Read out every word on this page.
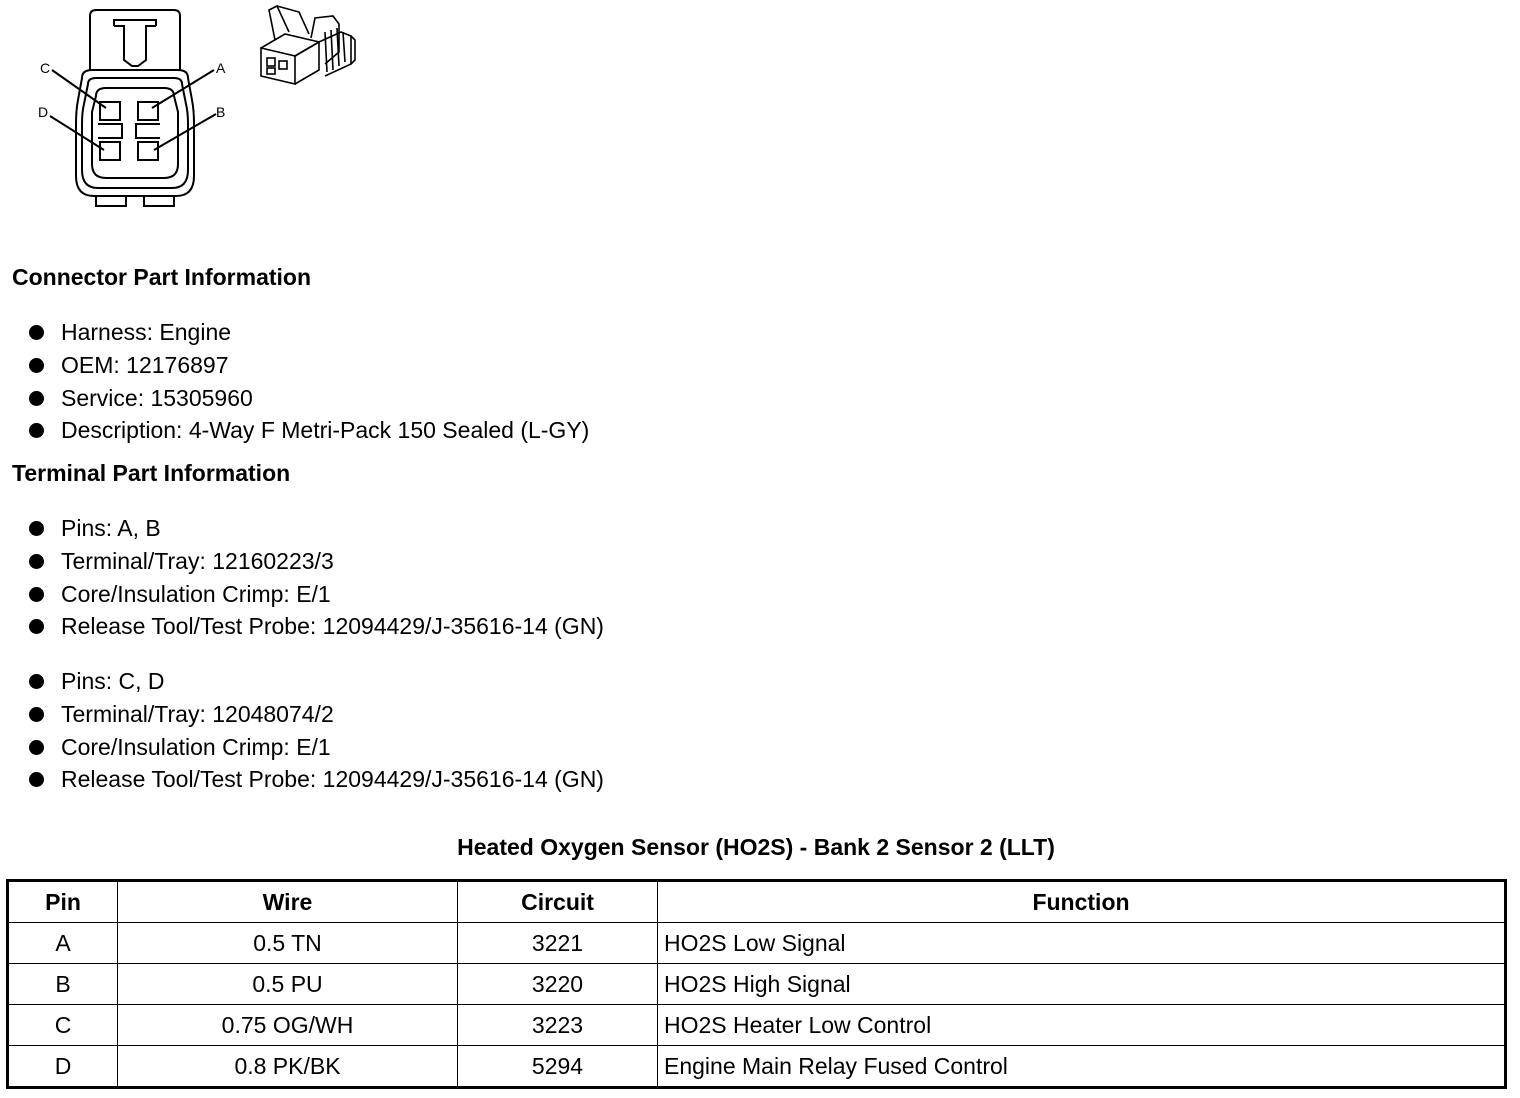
C	A
D	B
Connector Part Information
Harness: Engine
OEM: 12176897
Service: 15305960
Description: 4-Way F Metri-Pack 150 Sealed (L-GY)
Terminal Part Information
Pins: A, B
Terminal/Tray: 12160223/3
Core/Insulation Crimp: E/1
Release Tool/Test Probe: 12094429/J-35616-14 (GN)
Pins: C, D
Terminal/Tray: 12048074/2
Core/Insulation Crimp: E/1
Release Tool/Test Probe: 12094429/J-35616-14 (GN)
Heated Oxygen Sensor (HO2S) - Bank 2 Sensor 2 (LLT)
Pin	Wire	Circuit	Function
A	0.5 TN	3221	HO2S Low Signal
B	0.5 PU	3220	HO2S High Signal
C	0.75 OG/WH	3223	HO2S Heater Low Control
D	0.8 PK/BK	5294	Engine Main Relay Fused Control
